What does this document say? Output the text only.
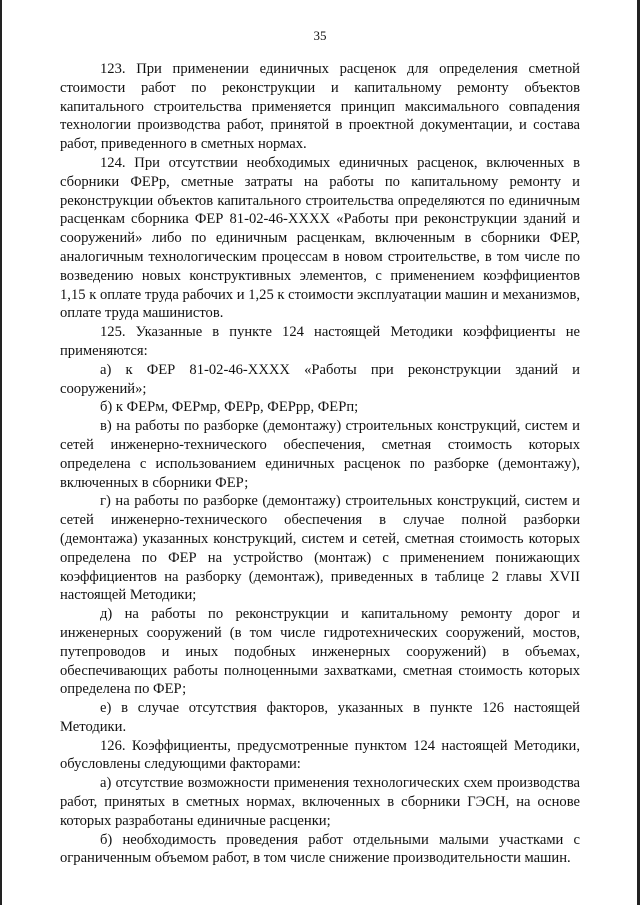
35

123. При применении единичных расценок для определения сметной стоимости работ по реконструкции и капитальному ремонту объектов капитального строительства применяется принцип максимального совпадения технологии производства работ, принятой в проектной документации, и состава работ, приведенного в сметных нормах.

124. При отсутствии необходимых единичных расценок, включенных в сборники ФЕРр, сметные затраты на работы по капитальному ремонту и реконструкции объектов капитального строительства определяются по единичным расценкам сборника ФЕР 81-02-46-ХХХХ «Работы при реконструкции зданий и сооружений» либо по единичным расценкам, включенным в сборники ФЕР, аналогичным технологическим процессам в новом строительстве, в том числе по возведению новых конструктивных элементов, с применением коэффициентов 1,15 к оплате труда рабочих и 1,25 к стоимости эксплуатации машин и механизмов, оплате труда машинистов.

125. Указанные в пункте 124 настоящей Методики коэффициенты не применяются:

а) к ФЕР 81-02-46-ХХХХ «Работы при реконструкции зданий и сооружений»;

б) к ФЕРм, ФЕРмр, ФЕРр, ФЕРрр, ФЕРп;

в) на работы по разборке (демонтажу) строительных конструкций, систем и сетей инженерно-технического обеспечения, сметная стоимость которых определена с использованием единичных расценок по разборке (демонтажу), включенных в сборники ФЕР;

г) на работы по разборке (демонтажу) строительных конструкций, систем и сетей инженерно-технического обеспечения в случае полной разборки (демонтажа) указанных конструкций, систем и сетей, сметная стоимость которых определена по ФЕР на устройство (монтаж) с применением понижающих коэффициентов на разборку (демонтаж), приведенных в таблице 2 главы XVII настоящей Методики;

д) на работы по реконструкции и капитальному ремонту дорог и инженерных сооружений (в том числе гидротехнических сооружений, мостов, путепроводов и иных подобных инженерных сооружений) в объемах, обеспечивающих работы полноценными захватками, сметная стоимость которых определена по ФЕР;

е) в случае отсутствия факторов, указанных в пункте 126 настоящей Методики.

126. Коэффициенты, предусмотренные пунктом 124 настоящей Методики, обусловлены следующими факторами:

а) отсутствие возможности применения технологических схем производства работ, принятых в сметных нормах, включенных в сборники ГЭСН, на основе которых разработаны единичные расценки;

б) необходимость проведения работ отдельными малыми участками с ограниченным объемом работ, в том числе снижение производительности машин.
